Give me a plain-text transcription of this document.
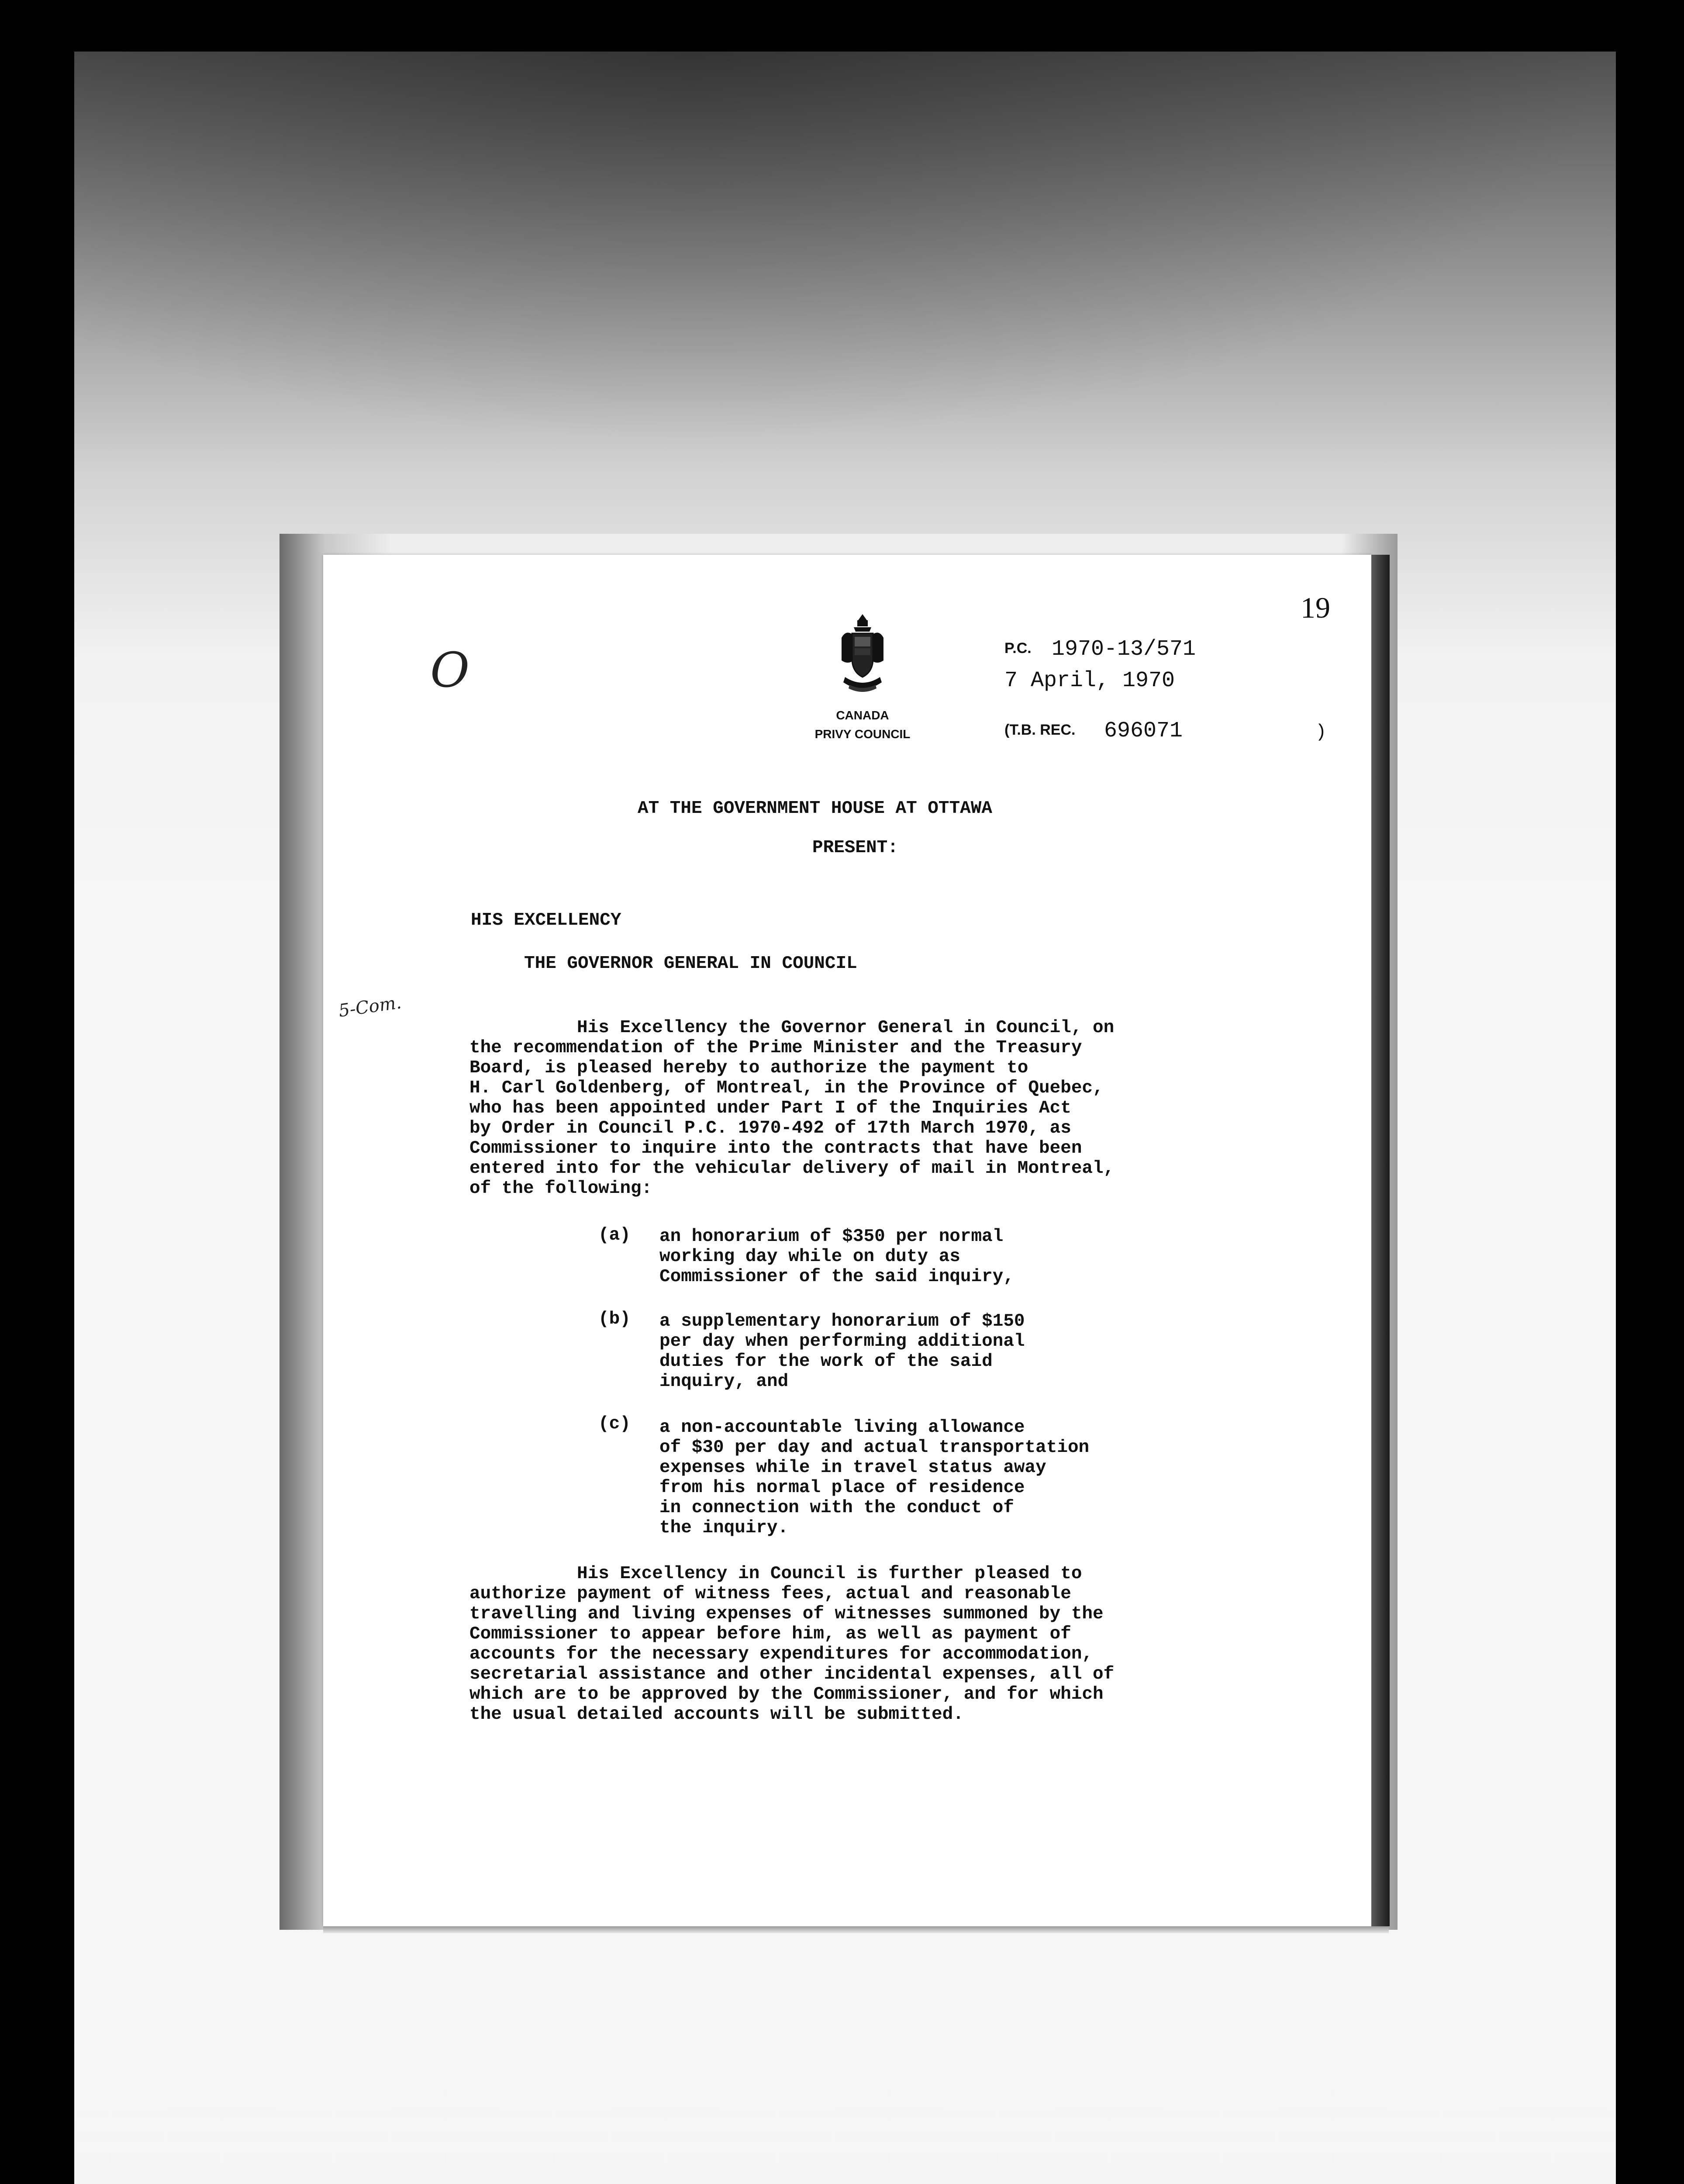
19
O
5-Com.
CANADA
PRIVY COUNCIL
P.C. 1970-13/571
7 April, 1970
(T.B. REC. 696071	)
AT THE GOVERNMENT HOUSE AT OTTAWA
PRESENT:
HIS EXCELLENCY
THE GOVERNOR GENERAL IN COUNCIL
His Excellency the Governor General in Council, on
the recommendation of the Prime Minister and the Treasury
Board, is pleased hereby to authorize the payment to
H. Carl Goldenberg, of Montreal, in the Province of Quebec,
who has been appointed under Part I of the Inquiries Act
by Order in Council P.C. 1970-492 of 17th March 1970, as
Commissioner to inquire into the contracts that have been
entered into for the vehicular delivery of mail in Montreal,
of the following:
(a) an honorarium of $350 per normal
working day while on duty as
Commissioner of the said inquiry,
(b) a supplementary honorarium of $150
per day when performing additional
duties for the work of the said
inquiry, and
(c) a non-accountable living allowance
of $30 per day and actual transportation
expenses while in travel status away
from his normal place of residence
in connection with the conduct of
the inquiry.
His Excellency in Council is further pleased to
authorize payment of witness fees, actual and reasonable
travelling and living expenses of witnesses summoned by the
Commissioner to appear before him, as well as payment of
accounts for the necessary expenditures for accommodation,
secretarial assistance and other incidental expenses, all of
which are to be approved by the Commissioner, and for which
the usual detailed accounts will be submitted.
